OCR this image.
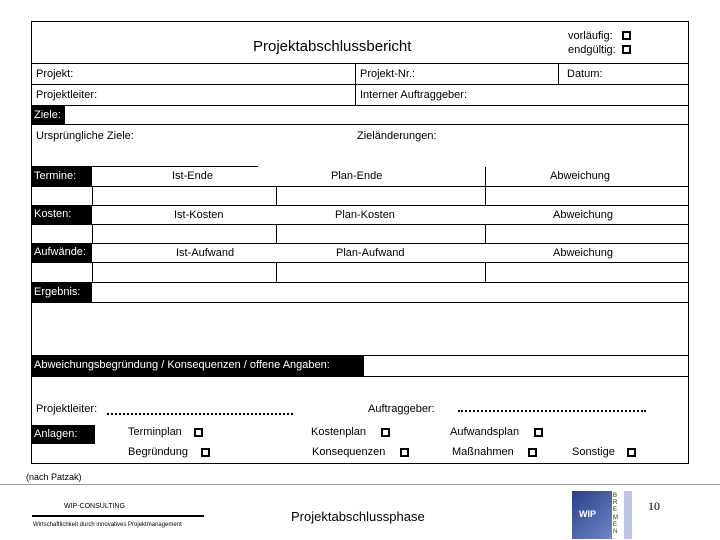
Projektabschlussbericht
vorläufig:
endgültig:
Projekt:	Projekt-Nr.:	Datum:
Projektleiter:	Interner Auftraggeber:
Ziele:
Ursprüngliche Ziele:	Zieländerungen:
Termine:	Ist-Ende	Plan-Ende	Abweichung
Kosten:	Ist-Kosten	Plan-Kosten	Abweichung
Aufwände:	Ist-Aufwand	Plan-Aufwand	Abweichung
Ergebnis:
Abweichungsbegründung / Konsequenzen / offene Angaben:
Projektleiter:	Auftraggeber:
Anlagen:	Terminplan	Kostenplan	Aufwandsplan
Begründung	Konsequenzen	Maßnahmen	Sonstige
(nach Patzak)
WIP-CONSULTING
Wirtschaftlichkeit durch innovatives Projektmanagement
Projektabschlussphase
10
WIP
BREMEN
